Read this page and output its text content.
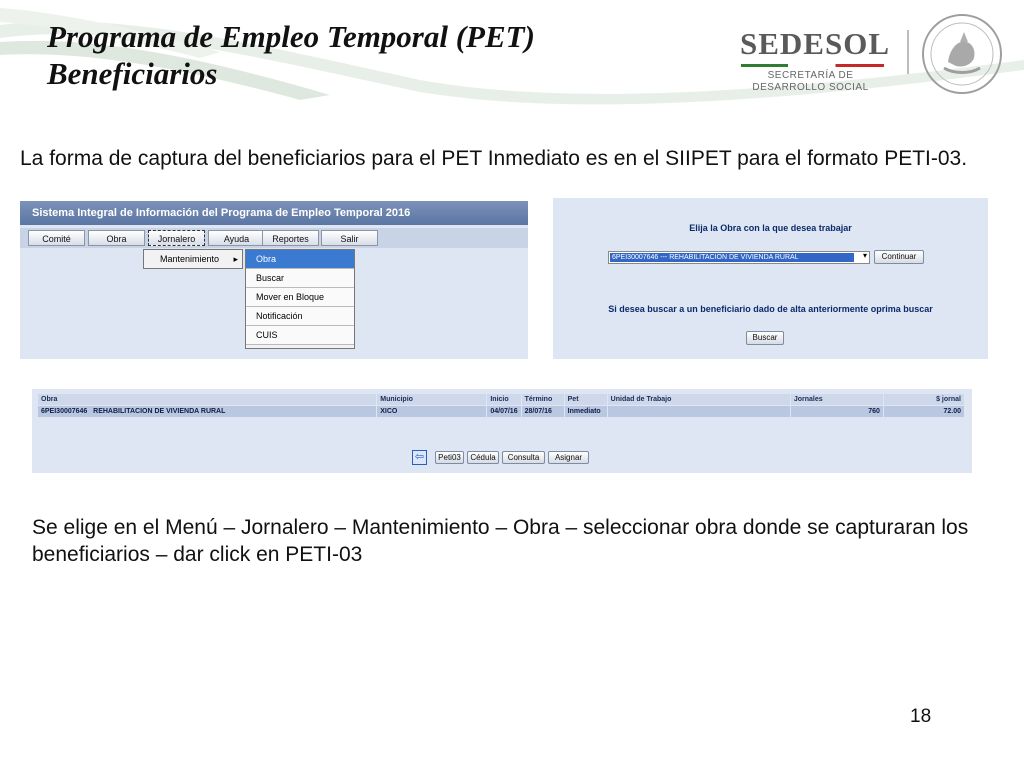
Programa de Empleo Temporal (PET)
Beneficiarios
SEDESOL
SECRETARÍA DE
DESARROLLO SOCIAL
La forma de captura del beneficiarios para el PET Inmediato es en el SIIPET para el formato PETI-03.
Sistema Integral de Información del Programa de Empleo Temporal 2016
Comité	Obra	Jornalero	Ayuda	Reportes	Salir
Mantenimiento ▸	Obra
Buscar
Mover en Bloque
Notificación
CUIS
Elija la Obra con la que desea trabajar
6PEI30007646 --- REHABILITACION DE VIVIENDA RURAL	▾	Continuar
Si desea buscar a un beneficiario dado de alta anteriormente oprima buscar
Buscar
Obra	Municipio	Inicio	Término	Pet	Unidad de Trabajo	Jornales	$ jornal
6PEI30007646   REHABILITACION DE VIVIENDA RURAL	XICO	04/07/16	28/07/16	Inmediato		760	72.00
⇦	Peti03	Cédula	Consulta	Asignar
Se elige en el Menú – Jornalero – Mantenimiento – Obra – seleccionar obra donde se capturaran los beneficiarios – dar click en PETI-03
18
